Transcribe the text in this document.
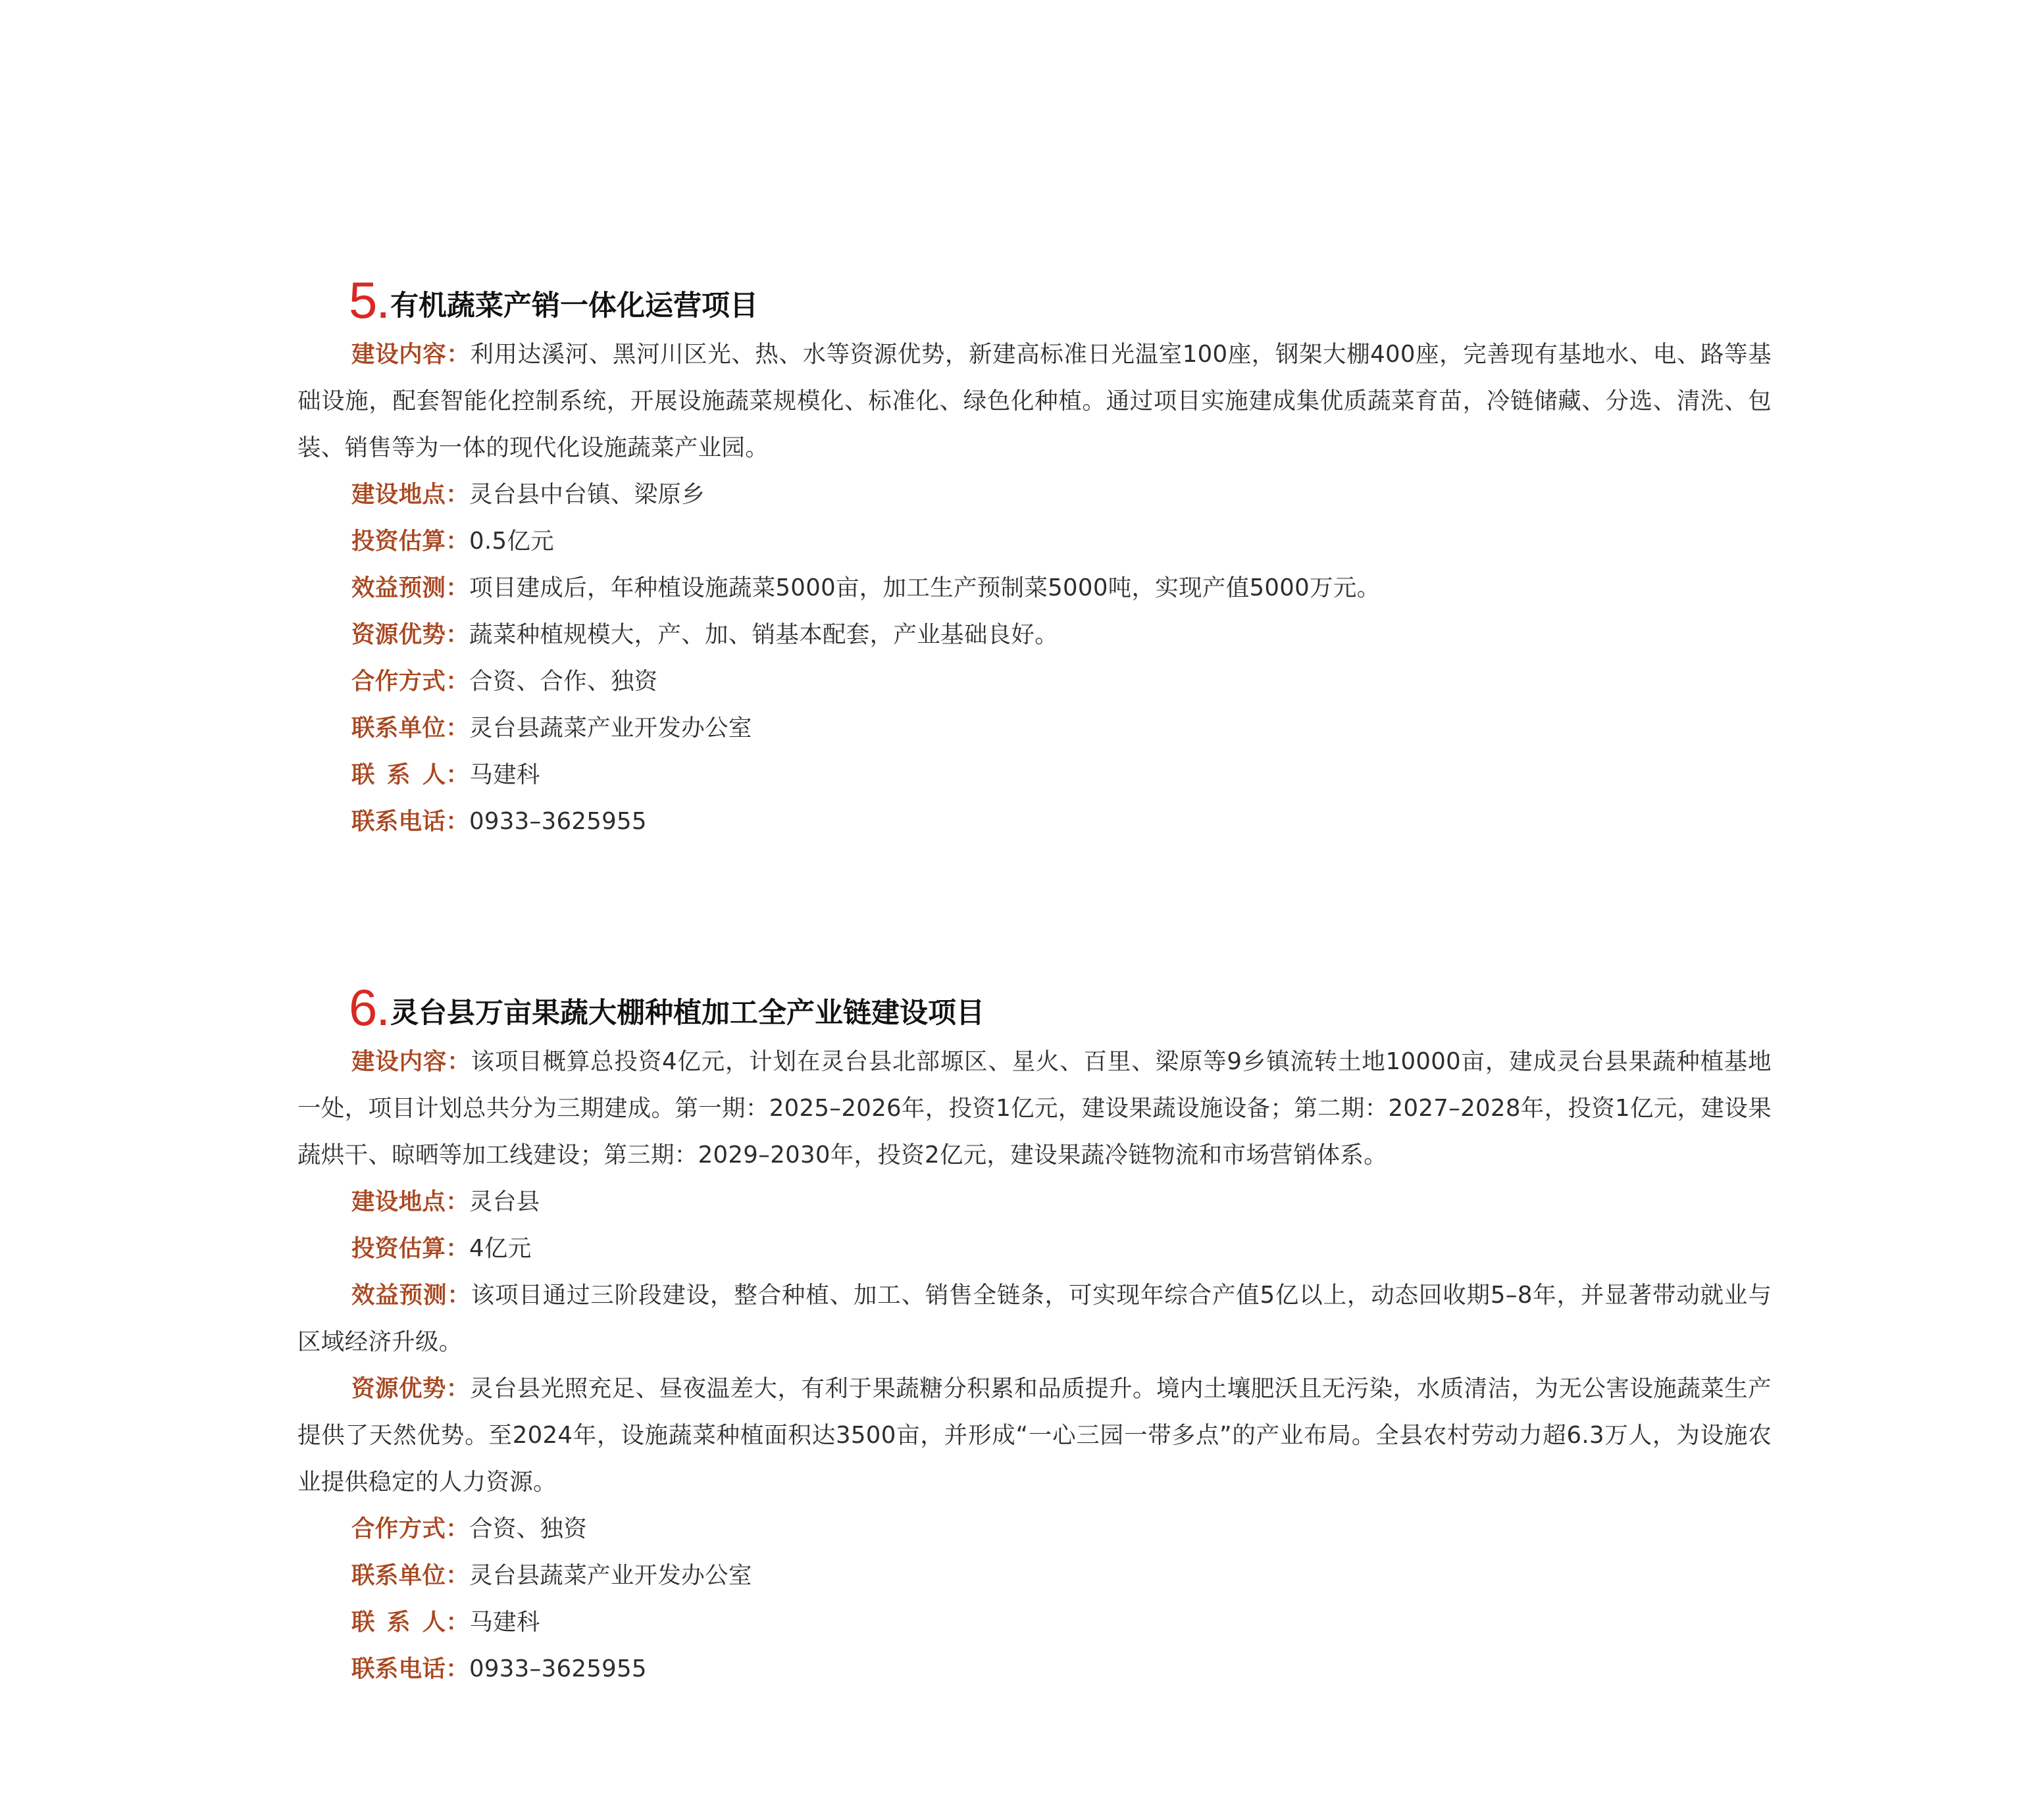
5. 有机蔬菜产销一体化运营项目

建设内容：利用达溪河、黑河川区光、热、水等资源优势，新建高标准日光温室100座，钢架大棚400座，完善现有基地水、电、路等基础设施，配套智能化控制系统，开展设施蔬菜规模化、标准化、绿色化种植。通过项目实施建成集优质蔬菜育苗，冷链储藏、分选、清洗、包装、销售等为一体的现代化设施蔬菜产业园。

建设地点：灵台县中台镇、梁原乡

投资估算：0.5亿元

效益预测：项目建成后，年种植设施蔬菜5000亩，加工生产预制菜5000吨，实现产值5000万元。

资源优势：蔬菜种植规模大，产、加、销基本配套，产业基础良好。

合作方式：合资、合作、独资

联系单位：灵台县蔬菜产业开发办公室

联 系 人：马建科

联系电话：0933–3625955

6. 灵台县万亩果蔬大棚种植加工全产业链建设项目

建设内容：该项目概算总投资4亿元，计划在灵台县北部塬区、星火、百里、梁原等9乡镇流转土地10000亩，建成灵台县果蔬种植基地一处，项目计划总共分为三期建成。第一期：2025–2026年，投资1亿元，建设果蔬设施设备；第二期：2027–2028年，投资1亿元，建设果蔬烘干、晾晒等加工线建设；第三期：2029–2030年，投资2亿元，建设果蔬冷链物流和市场营销体系。

建设地点：灵台县

投资估算：4亿元

效益预测：该项目通过三阶段建设，整合种植、加工、销售全链条，可实现年综合产值5亿以上，动态回收期5–8年，并显著带动就业与区域经济升级。

资源优势：灵台县光照充足、昼夜温差大，有利于果蔬糖分积累和品质提升。境内土壤肥沃且无污染，水质清洁，为无公害设施蔬菜生产提供了天然优势。至2024年，设施蔬菜种植面积达3500亩，并形成“一心三园一带多点”的产业布局。全县农村劳动力超6.3万人，为设施农业提供稳定的人力资源。

合作方式：合资、独资

联系单位：灵台县蔬菜产业开发办公室

联 系 人：马建科

联系电话：0933–3625955
